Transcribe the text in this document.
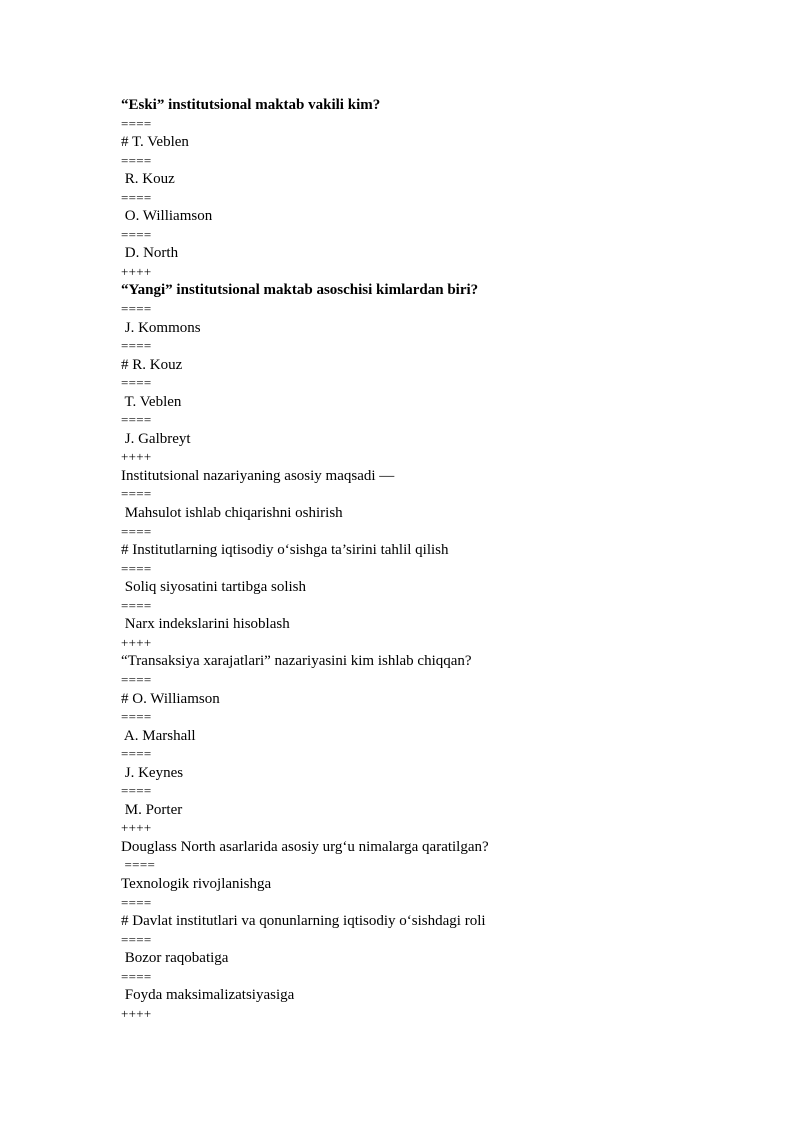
“Eski” institutsional maktab vakili kim?
====
# T. Veblen
====
R. Kouz
====
O. Williamson
====
D. North
++++
“Yangi” institutsional maktab asoschisi kimlardan biri?
====
J. Kommons
====
# R. Kouz
====
T. Veblen
====
J. Galbreyt
++++
Institutsional nazariyaning asosiy maqsadi —
====
Mahsulot ishlab chiqarishni oshirish
====
# Institutlarning iqtisodiy o‘sishga ta’sirini tahlil qilish
====
Soliq siyosatini tartibga solish
====
Narx indekslarini hisoblash
++++
“Transaksiya xarajatlari” nazariyasini kim ishlab chiqqan?
====
# O. Williamson
====
A. Marshall
====
J. Keynes
====
M. Porter
++++
Douglass North asarlarida asosiy urg‘u nimalarga qaratilgan?
====
Texnologik rivojlanishga
====
# Davlat institutlari va qonunlarning iqtisodiy o‘sishdagi roli
====
Bozor raqobatiga
====
Foyda maksimalizatsiyasiga
++++
